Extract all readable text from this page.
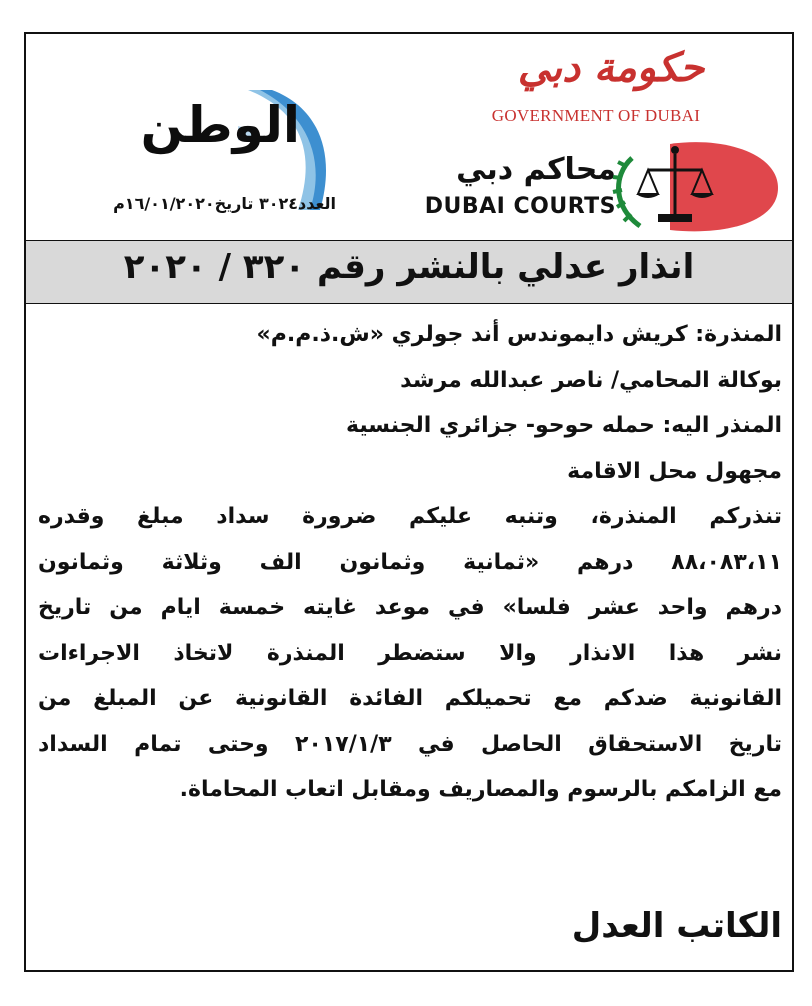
الوطن
العدد٣٠٢٤ تاريخ١٦/٠١/٢٠٢٠م
حكومة دبي
GOVERNMENT OF DUBAI
محاكم دبي
DUBAI COURTS
انذار عدلي بالنشر رقم ٣٢٠ / ٢٠٢٠
المنذرة: كريش دايموندس أند جولري «ش.ذ.م.م»
بوكالة المحامي/ ناصر عبدالله مرشد
المنذر اليه: حمله حوحو- جزائري الجنسية
مجهول محل الاقامة
تنذركم المنذرة، وتنبه عليكم ضرورة سداد مبلغ وقدره
٨٨،٠٨٣،١١ درهم «ثمانية وثمانون الف وثلاثة وثمانون
درهم واحد عشر فلسا» في موعد غايته خمسة ايام من تاريخ
نشر هذا الانذار والا ستضطر المنذرة لاتخاذ الاجراءات
القانونية ضدكم مع تحميلكم الفائدة القانونية عن المبلغ من
تاريخ الاستحقاق الحاصل في ٢٠١٧/١/٣ وحتى تمام السداد
مع الزامكم بالرسوم والمصاريف ومقابل اتعاب المحاماة.
الكاتب العدل
